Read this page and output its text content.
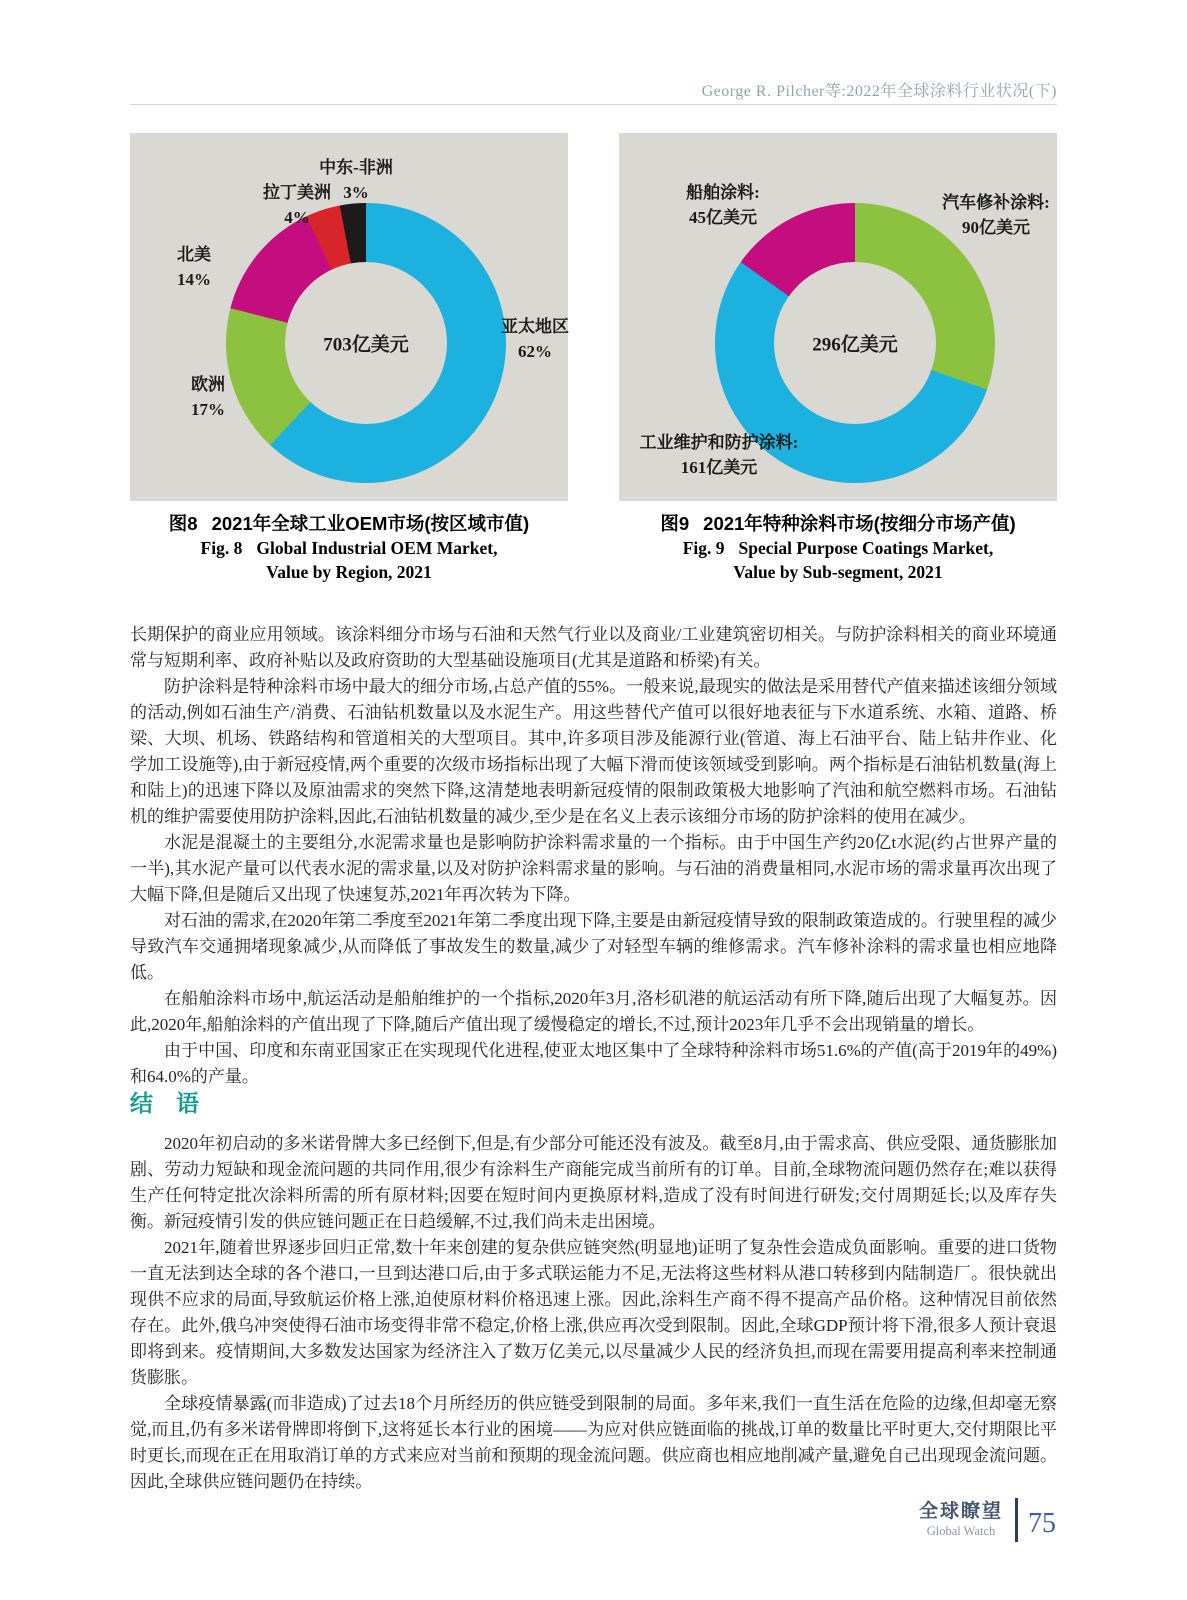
George R. Pilcher等:2022年全球涂料行业状况(下)
703亿美元
亚太地区
62%
欧洲
17%
北美
14%
拉丁美洲
4%
中东-非洲
3%
图8 2021年全球工业OEM市场(按区域市值)
Fig. 8 Global Industrial OEM Market,
Value by Region, 2021
296亿美元
汽车修补涂料:
90亿美元
工业维护和防护涂料:
161亿美元
船舶涂料:
45亿美元
图9 2021年特种涂料市场(按细分市场产值)
Fig. 9 Special Purpose Coatings Market,
Value by Sub-segment, 2021

长期保护的商业应用领域。该涂料细分市场与石油和天然气行业以及商业/工业建筑密切相关。与防护涂料相关的商业环境通常与短期利率、政府补贴以及政府资助的大型基础设施项目(尤其是道路和桥梁)有关。

防护涂料是特种涂料市场中最大的细分市场,占总产值的55%。一般来说,最现实的做法是采用替代产值来描述该细分领域的活动,例如石油生产/消费、石油钻机数量以及水泥生产。用这些替代产值可以很好地表征与下水道系统、水箱、道路、桥梁、大坝、机场、铁路结构和管道相关的大型项目。其中,许多项目涉及能源行业(管道、海上石油平台、陆上钻井作业、化学加工设施等),由于新冠疫情,两个重要的次级市场指标出现了大幅下滑而使该领域受到影响。两个指标是石油钻机数量(海上和陆上)的迅速下降以及原油需求的突然下降,这清楚地表明新冠疫情的限制政策极大地影响了汽油和航空燃料市场。石油钻机的维护需要使用防护涂料,因此,石油钻机数量的减少,至少是在名义上表示该细分市场的防护涂料的使用在减少。

水泥是混凝土的主要组分,水泥需求量也是影响防护涂料需求量的一个指标。由于中国生产约20亿t水泥(约占世界产量的一半),其水泥产量可以代表水泥的需求量,以及对防护涂料需求量的影响。与石油的消费量相同,水泥市场的需求量再次出现了大幅下降,但是随后又出现了快速复苏,2021年再次转为下降。

对石油的需求,在2020年第二季度至2021年第二季度出现下降,主要是由新冠疫情导致的限制政策造成的。行驶里程的减少导致汽车交通拥堵现象减少,从而降低了事故发生的数量,减少了对轻型车辆的维修需求。汽车修补涂料的需求量也相应地降低。

在船舶涂料市场中,航运活动是船舶维护的一个指标,2020年3月,洛杉矶港的航运活动有所下降,随后出现了大幅复苏。因此,2020年,船舶涂料的产值出现了下降,随后产值出现了缓慢稳定的增长,不过,预计2023年几乎不会出现销量的增长。

由于中国、印度和东南亚国家正在实现现代化进程,使亚太地区集中了全球特种涂料市场51.6%的产值(高于2019年的49%)和64.0%的产量。

结　语

2020年初启动的多米诺骨牌大多已经倒下,但是,有少部分可能还没有波及。截至8月,由于需求高、供应受限、通货膨胀加剧、劳动力短缺和现金流问题的共同作用,很少有涂料生产商能完成当前所有的订单。目前,全球物流问题仍然存在;难以获得生产任何特定批次涂料所需的所有原材料;因要在短时间内更换原材料,造成了没有时间进行研发;交付周期延长;以及库存失衡。新冠疫情引发的供应链问题正在日趋缓解,不过,我们尚未走出困境。

2021年,随着世界逐步回归正常,数十年来创建的复杂供应链突然(明显地)证明了复杂性会造成负面影响。重要的进口货物一直无法到达全球的各个港口,一旦到达港口后,由于多式联运能力不足,无法将这些材料从港口转移到内陆制造厂。很快就出现供不应求的局面,导致航运价格上涨,迫使原材料价格迅速上涨。因此,涂料生产商不得不提高产品价格。这种情况目前依然存在。此外,俄乌冲突使得石油市场变得非常不稳定,价格上涨,供应再次受到限制。因此,全球GDP预计将下滑,很多人预计衰退即将到来。疫情期间,大多数发达国家为经济注入了数万亿美元,以尽量减少人民的经济负担,而现在需要用提高利率来控制通货膨胀。

全球疫情暴露(而非造成)了过去18个月所经历的供应链受到限制的局面。多年来,我们一直生活在危险的边缘,但却毫无察觉,而且,仍有多米诺骨牌即将倒下,这将延长本行业的困境——为应对供应链面临的挑战,订单的数量比平时更大,交付期限比平时更长,而现在正在用取消订单的方式来应对当前和预期的现金流问题。供应商也相应地削减产量,避免自己出现现金流问题。因此,全球供应链问题仍在持续。

全球瞭望
Global Watch 75
